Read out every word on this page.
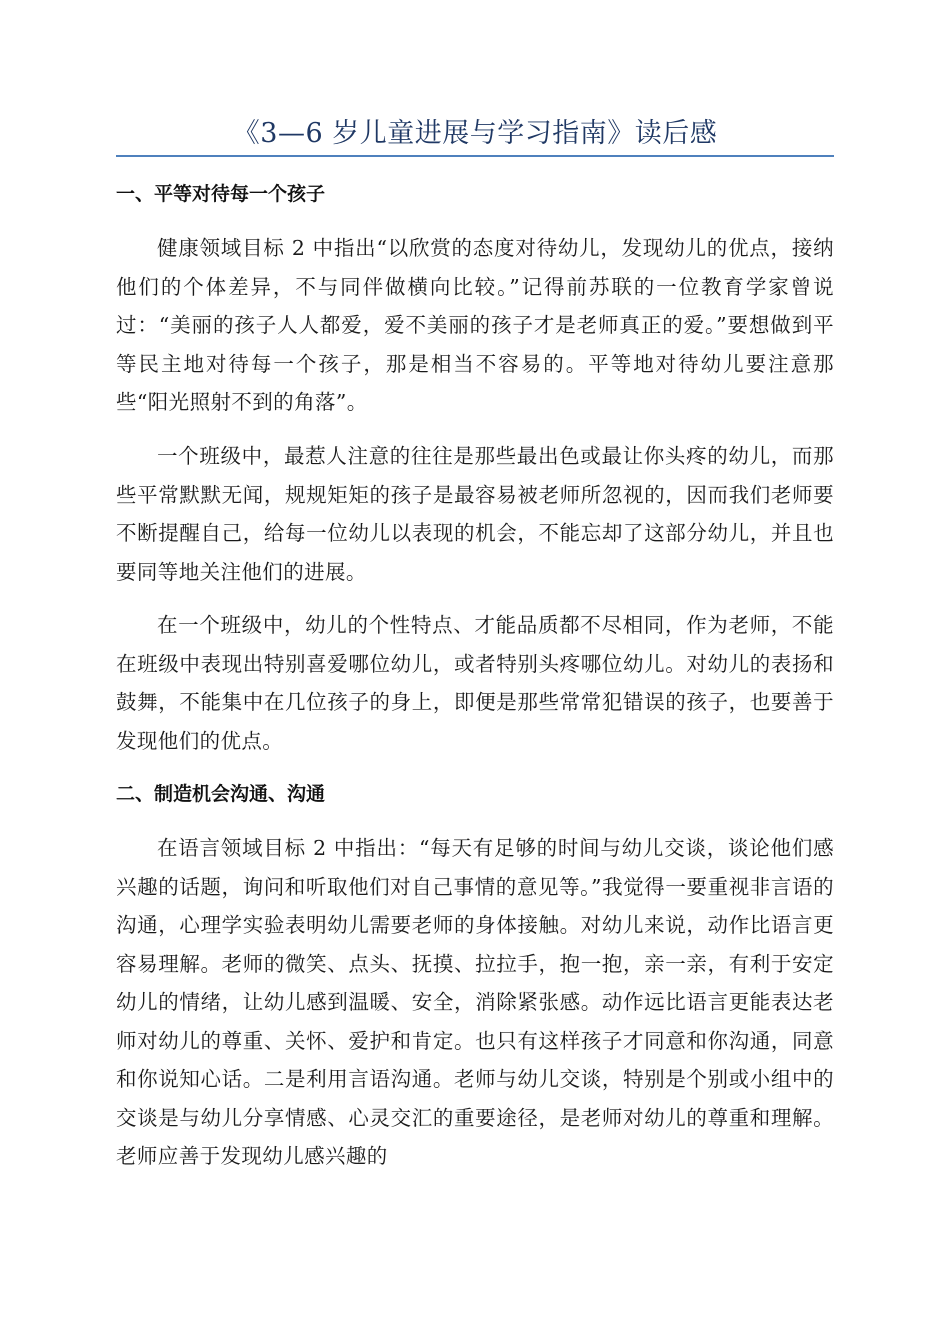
《3—6 岁儿童进展与学习指南》读后感
一、平等对待每一个孩子

健康领域目标 2 中指出“以欣赏的态度对待幼儿，发现幼儿的优点，接纳他们的个体差异，不与同伴做横向比较。”记得前苏联的一位教育学家曾说过：“美丽的孩子人人都爱，爱不美丽的孩子才是老师真正的爱。”要想做到平等民主地对待每一个孩子，那是相当不容易的。平等地对待幼儿要注意那些“阳光照射不到的角落”。

一个班级中，最惹人注意的往往是那些最出色或最让你头疼的幼儿，而那些平常默默无闻，规规矩矩的孩子是最容易被老师所忽视的，因而我们老师要不断提醒自己，给每一位幼儿以表现的机会，不能忘却了这部分幼儿，并且也要同等地关注他们的进展。

在一个班级中，幼儿的个性特点、才能品质都不尽相同，作为老师，不能在班级中表现出特别喜爱哪位幼儿，或者特别头疼哪位幼儿。对幼儿的表扬和鼓舞，不能集中在几位孩子的身上，即便是那些常常犯错误的孩子，也要善于发现他们的优点。

二、制造机会沟通、沟通

在语言领域目标 2 中指出：“每天有足够的时间与幼儿交谈，谈论他们感兴趣的话题，询问和听取他们对自己事情的意见等。”我觉得一要重视非言语的沟通，心理学实验表明幼儿需要老师的身体接触。对幼儿来说，动作比语言更容易理解。老师的微笑、点头、抚摸、拉拉手，抱一抱，亲一亲，有利于安定幼儿的情绪，让幼儿感到温暖、安全，消除紧张感。动作远比语言更能表达老师对幼儿的尊重、关怀、爱护和肯定。也只有这样孩子才同意和你沟通，同意和你说知心话。二是利用言语沟通。老师与幼儿交谈，特别是个别或小组中的交谈是与幼儿分享情感、心灵交汇的重要途径，是老师对幼儿的尊重和理解。老师应善于发现幼儿感兴趣的
